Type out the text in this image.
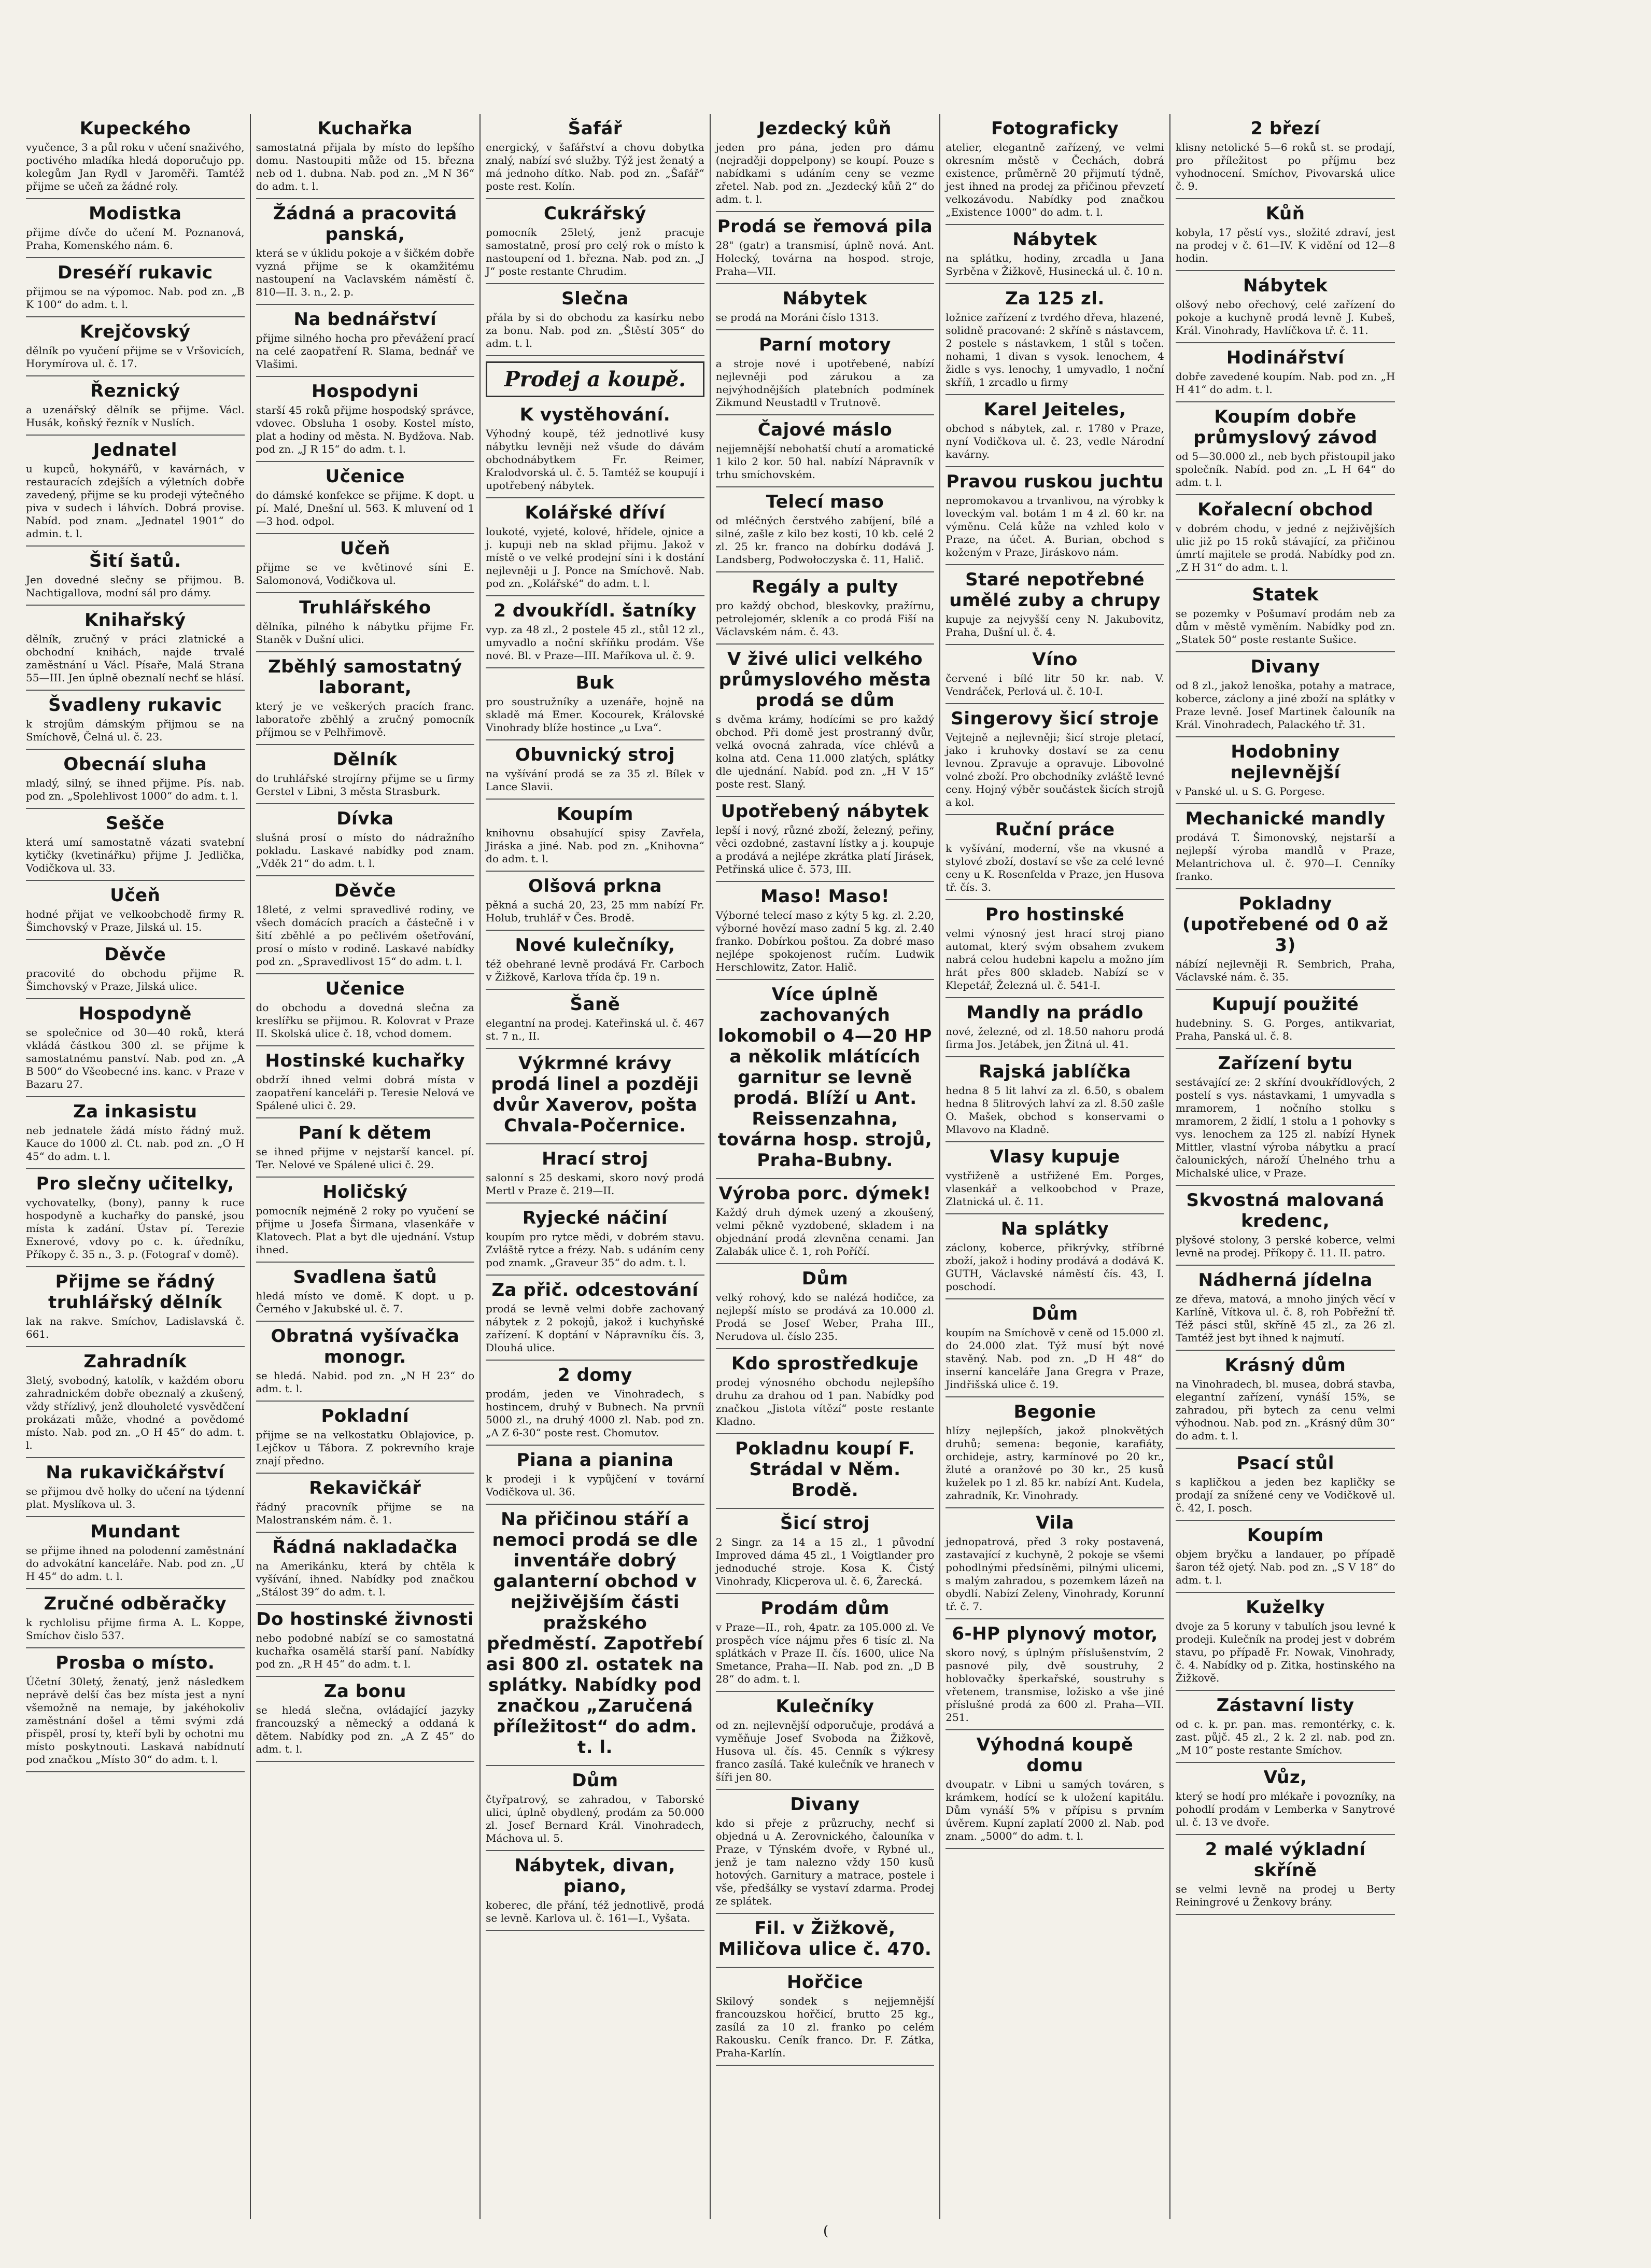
Kupeckého

vyučence, 3 a půl roku v učení snaživého, poctivého mladíka hledá doporučujo pp. kolegům Jan Rydl v Jaroměři. Tamtéž přijme se učeň za žádné roly.

Modistka

přijme dívče do učení M. Poznanová, Praha, Komenského nám. 6.

Dreséří rukavic

přijmou se na výpomoc. Nab. pod zn. „B K 100“ do adm. t. l.

Krejčovský

dělník po vyučení přijme se v Vršovicích, Horymírova ul. č. 17.

Řeznický

a uzenářský dělník se přijme. Václ. Husák, koňský řezník v Nuslích.

Jednatel

u kupců, hokynářů, v kavárnách, v restauracích zdejších a výletních dobře zavedený, přijme se ku prodeji výtečného piva v sudech i láhvích. Dobrá provise. Nabíd. pod znam. „Jednatel 1901“ do admin. t. l.

Šití šatů.

Jen dovedné slečny se přijmou. B. Nachtigallova, modní sál pro dámy.

Knihařský

dělník, zručný v práci zlatnické a obchodní knihách, najde trvalé zaměstnání u Václ. Písaře, Malá Strana 55—III. Jen úplně obeznalí nechť se hlásí.

Švadleny rukavic

k strojům dámským přijmou se na Smíchově, Čelná ul. č. 23.

Obecnáí sluha

mladý, silný, se ihned přijme. Pís. nab. pod zn. „Spolehlivost 1000“ do adm. t. l.

Sešče

která umí samostatně vázati svatební kytičky (kvetinářku) přijme J. Jedlička, Vodičkova ul. 33.

Učeň

hodné přijat ve velkoobchodě firmy R. Šimchovský v Praze, Jilská ul. 15.

Děvče

pracovité do obchodu přijme R. Šimchovský v Praze, Jilská ulice.

Hospodyně

se společnice od 30—40 roků, která vkládá částkou 300 zl. se přijme k samostatnému panství. Nab. pod zn. „A B 500“ do Všeobecné ins. kanc. v Praze v Bazaru 27.

Za inkasistu

neb jednatele žádá místo řádný muž. Kauce do 1000 zl. Ct. nab. pod zn. „O H 45“ do adm. t. l.

Pro slečny učitelky,

vychovatelky, (bony), panny k ruce hospodyně a kuchařky do panské, jsou místa k zadání. Ústav pí. Terezie Exnerové, vdovy po c. k. úředníku, Příkopy č. 35 n., 3. p. (Fotograf v domě).

Přijme se řádný truhlářský dělník

lak na rakve. Smíchov, Ladislavská č. 661.

Zahradník

3letý, svobodný, katolík, v každém oboru zahradnickém dobře obeznalý a zkušený, vždy střízlivý, jenž dlouholeté vysvědčení prokázati může, vhodné a povědomé místo. Nab. pod zn. „O H 45“ do adm. t. l.

Na rukavičkářství

se přijmou dvě holky do učení na týdenní plat. Myslíkova ul. 3.

Mundant

se přijme ihned na polodenní zaměstnání do advokátní kanceláře. Nab. pod zn. „U H 45“ do adm. t. l.

Zručné odběračky

k rychlolisu přijme firma A. L. Koppe, Smíchov čislo 537.

Prosba o místo.

Účetní 30letý, ženatý, jenž následkem neprávě delší čas bez místa jest a nyní všemožně na nemaje, by jakéhokoliv zaměstnání došel a těmi svými zdá přispěl, prosí ty, kteří byli by ochotni mu místo poskytnouti. Laskavá nabídnutí pod značkou „Místo 30“ do adm. t. l.

Kuchařka

samostatná přijala by místo do lepšího domu. Nastoupiti může od 15. března neb od 1. dubna. Nab. pod zn. „M N 36“ do adm. t. l.

Žádná a pracovitá panská,

která se v úklidu pokoje a v šičkém dobře vyzná přijme se k okamžitému nastoupení na Vaclavském náměstí č. 810—II. 3. n., 2. p.

Na bednářství

přijme silného hocha pro převážení prací na celé zaopatření R. Slama, bednář ve Vlašimi.

Hospodyni

starší 45 roků přijme hospodský správce, vdovec. Obsluha 1 osoby. Kostel místo, plat a hodiny od města. N. Bydžova. Nab. pod zn. „J R 15“ do adm. t. l.

Učenice

do dámské konfekce se přijme. K dopt. u pí. Malé, Dnešní ul. 563. K mluvení od 1—3 hod. odpol.

Učeň

přijme se ve květinové síni E. Salomonová, Vodičkova ul.

Truhlářského

dělníka, pilného k nábytku přijme Fr. Staněk v Dušní ulici.

Zběhlý samostatný laborant,

který je ve veškerých pracích franc. laboratoře zběhlý a zručný pomocník příjmou se v Pelhřimově.

Dělník

do truhlářské strojírny přijme se u firmy Gerstel v Libni, 3 města Strasburk.

Dívka

slušná prosí o místo do nádražního pokladu. Laskavé nabídky pod znam. „Vděk 21“ do adm. t. l.

Děvče

18leté, z velmi spravedlivé rodiny, ve všech domácích pracích a částečně i v šití zběhlé a po pečlivém ošetřování, prosí o místo v rodině. Laskavé nabídky pod zn. „Spravedlivost 15“ do adm. t. l.

Učenice

do obchodu a dovedná slečna za kreslířku se přijmou. R. Kolovrat v Praze II. Skolská ulice č. 18, vchod domem.

Hostinské kuchařky

obdrží ihned velmi dobrá místa v zaopatření kanceláři p. Teresie Nelová ve Spálené ulici č. 29.

Paní k dětem

se ihned přijme v nejstarší kancel. pí. Ter. Nelové ve Spálené ulici č. 29.

Holičský

pomocník nejméně 2 roky po vyučení se přijme u Josefa Širmana, vlasenkáře v Klatovech. Plat a byt dle ujednání. Vstup ihned.

Svadlena šatů

hledá místo ve domě. K dopt. u p. Černého v Jakubské ul. č. 7.

Obratná vyšívačka monogr.

se hledá. Nabid. pod zn. „N H 23“ do adm. t. l.

Pokladní

přijme se na velkostatku Oblajovice, p. Lejčkov u Tábora. Z pokrevního kraje znají předno.

Rekavičkář

řádný pracovník přijme se na Malostranském nám. č. 1.

Řádná nakladačka

na Amerikánku, která by chtěla k vyšívání, ihned. Nabídky pod značkou „Stálost 39“ do adm. t. l.

Do hostinské živnosti

nebo podobné nabízí se co samostatná kuchařka osamělá starší paní. Nabídky pod zn. „R H 45“ do adm. t. l.

Za bonu

se hledá slečna, ovládající jazyky francouzský a německý a oddaná k dětem. Nabídky pod zn. „A Z 45“ do adm. t. l.

Šafář

energický, v šafářství a chovu dobytka znalý, nabízí své služby. Týž jest ženatý a má jednoho dítko. Nab. pod zn. „Šafář“ poste rest. Kolín.

Cukrářský

pomocník 25letý, jenž pracuje samostatně, prosí pro celý rok o místo k nastoupení od 1. března. Nab. pod zn. „J J“ poste restante Chrudim.

Slečna

přála by si do obchodu za kasírku nebo za bonu. Nab. pod zn. „Štěstí 305“ do adm. t. l.

Prodej a koupě.
K vystěhování.

Výhodný koupě, též jednotlivé kusy nábytku levněji než všude do dávám obchodnábytkem Fr. Reimer, Kralodvorská ul. č. 5. Tamtéž se koupují i upotřebený nábytek.

Kolářské dříví

loukoté, vyjeté, kolové, hřídele, ojnice a j. kupuji neb na sklad přijmu. Jakož v místě o ve velké prodejní síni i k dostání nejlevněji u J. Ponce na Smíchově. Nab. pod zn. „Kolářské“ do adm. t. l.

2 dvoukřídl. šatníky

vyp. za 48 zl., 2 postele 45 zl., stůl 12 zl., umyvadlo a noční skříňku prodám. Vše nové. Bl. v Praze—III. Maříkova ul. č. 9.

Buk

pro soustružníky a uzenáře, hojně na skladě má Emer. Kocourek, Královské Vinohrady blíže hostince „u Lva“.

Obuvnický stroj

na vyšívání prodá se za 35 zl. Bílek v Lance Slavii.

Koupím

knihovnu obsahující spisy Zavřela, Jiráska a jiné. Nab. pod zn. „Knihovna“ do adm. t. l.

Olšová prkna

pěkná a suchá 20, 23, 25 mm nabízí Fr. Holub, truhlář v Čes. Brodě.

Nové kulečníky,

též obehrané levně prodává Fr. Carboch v Žižkově, Karlova třída čp. 19 n.

Šaně

elegantní na prodej. Kateřinská ul. č. 467 st. 7 n., II.

Výkrmné krávy prodá linel a později dvůr Xaverov, pošta Chvala-Počernice.
Hrací stroj

salonní s 25 deskami, skoro nový prodá Mertl v Praze č. 219—II.

Ryjecké náčiní

koupím pro rytce mědi, v dobrém stavu. Zvláště rytce a frézy. Nab. s udáním ceny pod znamk. „Graveur 35“ do adm. t. l.

Za přič. odcestování

prodá se levně velmi dobře zachovaný nábytek z 2 pokojů, jakož i kuchyňské zařízení. K doptání v Nápravníku čís. 3, Dlouhá ulice.

2 domy

prodám, jeden ve Vinohradech, s hostincem, druhý v Bubnech. Na prvníi 5000 zl., na druhý 4000 zl. Nab. pod zn. „A Z 6-30“ poste rest. Chomutov.

Piana a pianina

k prodeji i k vypůjčení v tovární Vodičkova ul. 36.

Na přičinou stáří a nemoci prodá se dle inventáře dobrý galanterní obchod v nejživějším části pražského předměstí. Zapotřebí asi 800 zl. ostatek na splátky. Nabídky pod značkou „Zaručená příležitost“ do adm. t. l.
Dům

čtyřpatrový, se zahradou, v Taborské ulici, úplně obydlený, prodám za 50.000 zl. Josef Bernard Král. Vinohradech, Máchova ul. 5.

Nábytek, divan, piano,

koberec, dle přání, též jednotlivě, prodá se levně. Karlova ul. č. 161—I., Vyšata.

Jezdecký kůň

jeden pro pána, jeden pro dámu (nejraději doppelpony) se koupí. Pouze s nabídkami s udáním ceny se vezme zřetel. Nab. pod zn. „Jezdecký kůň 2“ do adm. t. l.

Prodá se řemová pila

28" (gatr) a transmisí, úplně nová. Ant. Holecký, továrna na hospod. stroje, Praha—VII.

Nábytek

se prodá na Moráni číslo 1313.

Parní motory

a stroje nové i upotřebené, nabízí nejlevněji pod zárukou a za nejvýhodnějších platebních podmínek Zikmund Neustadtl v Trutnově.

Čajové máslo

nejjemnější nebohatší chutí a aromatické 1 kilo 2 kor. 50 hal. nabízí Nápravník v trhu smíchovském.

Telecí maso

od mléčných čerstvého zabíjení, bílé a silné, zašle z kilo bez kosti, 10 kb. celé 2 zl. 25 kr. franco na dobírku dodává J. Landsberg, Podwołoczyska č. 11, Halič.

Regály a pulty

pro každý obchod, bleskovky, pražírnu, petrolejomér, skleník a co prodá Fiší na Václavském nám. č. 43.

V živé ulici velkého průmyslového města prodá se dům

s dvěma krámy, hodícími se pro každý obchod. Při domě jest prostranný dvůr, velká ovocná zahrada, více chlévů a kolna atd. Cena 11.000 zlatých, splátky dle ujednání. Nabíd. pod zn. „H V 15“ poste rest. Slaný.

Upotřebený nábytek

lepší i nový, různé zboží, železný, peřiny, věci ozdobné, zastavní lístky a j. koupuje a prodává a nejlépe zkrátka platí Jirásek, Petřinská ulice č. 573, III.

Maso! Maso!

Výborné telecí maso z kýty 5 kg. zl. 2.20, výborné hovězí maso zadní 5 kg. zl. 2.40 franko. Dobírkou poštou. Za dobré maso nejlépe spokojenost ručím. Ludwik Herschlowitz, Zator. Halič.

Více úplně zachovaných lokomobil o 4—20 HP a několik mlátících garnitur se levně prodá. Blíží u Ant. Reissenzahna, továrna hosp. strojů, Praha-Bubny.
Výroba porc. dýmek!

Každý druh dýmek uzený a zkoušený, velmi pěkně vyzdobené, skladem i na objednání prodá zlevněna cenami. Jan Zalabák ulice č. 1, roh Poříčí.

Dům

velký rohový, kdo se nalézá hodičce, za nejlepší místo se prodává za 10.000 zl. Prodá se Josef Weber, Praha III., Nerudova ul. číslo 235.

Kdo sprostředkuje

prodej výnosného obchodu nejlepšího druhu za drahou od 1 pan. Nabídky pod značkou „Jistota vítězí“ poste restante Kladno.

Pokladnu koupí F. Strádal v Něm. Brodě.
Šicí stroj

2 Singr. za 14 a 15 zl., 1 původní Improved dáma 45 zl., 1 Voigtlander pro jednoduché stroje. Kosa K. Čistý Vinohrady, Klicperova ul. č. 6, Žarecká.

Prodám dům

v Praze—II., roh, 4patr. za 105.000 zl. Ve prospěch více nájmu přes 6 tisíc zl. Na splátkách v Praze II. čís. 1600, ulice Na Smetance, Praha—II. Nab. pod zn. „D B 28“ do adm. t. l.

Kulečníky

od zn. nejlevnější odporučuje, prodává a vyměňuje Josef Svoboda na Žižkově, Husova ul. čís. 45. Cenník s výkresy franco zasílá. Také kulečník ve hranech v šíři jen 80.

Divany

kdo si přeje z průzruchy, nechť si objedná u A. Zerovnického, čalouníka v Praze, v Týnském dvoře, v Rybné ul., jenž je tam nalezno vždy 150 kusů hotových. Garnitury a matrace, postele i vše, předšálky se vystaví zdarma. Prodej ze splátek.

Fil. v Žižkově, Miličova ulice č. 470.
Hořčice

Skilový sondek s nejjemnější francouzskou hořčicí, brutto 25 kg., zasílá za 10 zl. franko po celém Rakousku. Ceník franco. Dr. F. Zátka, Praha-Karlín.

Fotograficky

atelier, elegantně zařízený, ve velmi okresním městě v Čechách, dobrá existence, průměrně 20 přijmutí týdně, jest ihned na prodej za přičinou převzetí velkozávodu. Nabídky pod značkou „Existence 1000“ do adm. t. l.

Nábytek

na splátku, hodiny, zrcadla u Jana Syrběna v Žižkově, Husinecká ul. č. 10 n.

Za 125 zl.

ložnice zařízení z tvrdého dřeva, hlazené, solidně pracované: 2 skříně s nástavcem, 2 postele s nástavkem, 1 stůl s točen. nohami, 1 divan s vysok. lenochem, 4 židle s vys. lenochy, 1 umyvadlo, 1 noční skříň, 1 zrcadlo u firmy

Karel Jeiteles,

obchod s nábytek, zal. r. 1780 v Praze, nyní Vodičkova ul. č. 23, vedle Národní kavárny.

Pravou ruskou juchtu

nepromokavou a trvanlivou, na výrobky k loveckým val. botám 1 m 4 zl. 60 kr. na výměnu. Celá kůže na vzhled kolo v Praze, na účet. A. Burian, obchod s koženým v Praze, Jiráskovo nám.

Staré nepotřebné umělé zuby a chrupy

kupuje za nejvyšší ceny N. Jakubovitz, Praha, Dušní ul. č. 4.

Víno

červené i bílé litr 50 kr. nab. V. Vendráček, Perlová ul. č. 10-I.

Singerovy šicí stroje

Vejtejně a nejlevněji; šicí stroje pletací, jako i kruhovky dostaví se za cenu levnou. Zpravuje a opravuje. Libovolné volné zboží. Pro obchodníky zvláště levné ceny. Hojný výběr součástek šicích strojů a kol.

Ruční práce

k vyšívání, moderní, vše na vkusné a stylové zboží, dostaví se vše za celé levné ceny u K. Rosenfelda v Praze, jen Husova tř. čís. 3.

Pro hostinské

velmi výnosný jest hrací stroj piano automat, který svým obsahem zvukem nabrá celou hudebni kapelu a možno jím hrát přes 800 skladeb. Nabízí se v Klepetář, Železná ul. č. 541-I.

Mandly na prádlo

nové, železné, od zl. 18.50 nahoru prodá firma Jos. Jetábek, jen Žitná ul. 41.

Rajská jablíčka

hedna 8 5 lit lahví za zl. 6.50, s obalem hedna 8 5litrových lahví za zl. 8.50 zašle O. Mašek, obchod s konservami o Mlavovo na Kladně.

Vlasy kupuje

vystřiženě a ustřižené Em. Porges, vlasenkář a velkoobchod v Praze, Zlatnická ul. č. 11.

Na splátky

záclony, koberce, přikrývky, stříbrné zboží, jakož i hodiny prodává a dodává K. GUTH, Václavské náměstí čís. 43, I. poschodí.

Dům

koupím na Smíchově v ceně od 15.000 zl. do 24.000 zlat. Týž musí být nové stavěný. Nab. pod zn. „D H 48“ do inserní kanceláře Jana Gregra v Praze, Jindřišská ulice č. 19.

Begonie

hlízy nejlepších, jakož plnokvětých druhů; semena: begonie, karafiáty, orchideje, astry, karmínové po 20 kr., žluté a oranžové po 30 kr., 25 kusů kuželek po 1 zl. 85 kr. nabízí Ant. Kudela, zahradník, Kr. Vinohrady.

Vila

jednopatrová, před 3 roky postavená, zastavající z kuchyně, 2 pokoje se všemi pohodlnými předsíněmi, pilnými ulicemi, s malým zahradou, s pozemkem lázeň na obydlí. Nabízí Zeleny, Vinohrady, Korunní tř. č. 7.

6-HP plynový motor,

skoro nový, s úplným příslušenstvím, 2 pasnové pily, dvě soustruhy, 2 hoblovačky šperkařské, soustruhy s vřetenem, transmise, ložisko a vše jiné příslušné prodá za 600 zl. Praha—VII. 251.

Výhodná koupě domu

dvoupatr. v Libni u samých továren, s krámkem, hodící se k uložení kapitálu. Dům vynáší 5% v přípisu s prvním úvěrem. Kupní zaplatí 2000 zl. Nab. pod znam. „5000“ do adm. t. l.

2 březí

klisny netolické 5—6 roků st. se prodají, pro příležitost po příjmu bez vyhodnocení. Smíchov, Pivovarská ulice č. 9.

Kůň

kobyla, 17 pěstí vys., složité zdraví, jest na prodej v č. 61—IV. K vidění od 12—8 hodin.

Nábytek

olšový nebo ořechový, celé zařízení do pokoje a kuchyně prodá levně J. Kubeš, Král. Vinohrady, Havlíčkova tř. č. 11.

Hodinářství

dobře zavedené koupím. Nab. pod zn. „H H 41“ do adm. t. l.

Koupím dobře průmyslový závod

od 5—30.000 zl., neb bych přistoupil jako společník. Nabíd. pod zn. „L H 64“ do adm. t. l.

Kořalecní obchod

v dobrém chodu, v jedné z nejživějších ulic již po 15 roků stávající, za přičinou úmrtí majitele se prodá. Nabídky pod zn. „Z H 31“ do adm. t. l.

Statek

se pozemky v Pošumaví prodám neb za dům v městě vyměním. Nabídky pod zn. „Statek 50“ poste restante Sušice.

Divany

od 8 zl., jakož lenoška, potahy a matrace, koberce, záclony a jiné zboží na splátky v Praze levně. Josef Martinek čalouník na Král. Vinohradech, Palackého tř. 31.

Hodobniny nejlevnější

v Panské ul. u S. G. Porgese.

Mechanické mandly

prodává T. Šimonovský, nejstarší a nejlepší výroba mandlů v Praze, Melantrichova ul. č. 970—I. Cenníky franko.

Pokladny (upotřebené od 0 až 3)

nábízí nejlevněji R. Sembrich, Praha, Václavské nám. č. 35.

Kupují použité

hudebniny. S. G. Porges, antikvariat, Praha, Panská ul. č. 8.

Zařízení bytu

sestávající ze: 2 skříní dvoukřídlových, 2 postelí s vys. nástavkami, 1 umyvadla s mramorem, 1 nočního stolku s mramorem, 2 židlí, 1 stolu a 1 pohovky s vys. lenochem za 125 zl. nabízí Hynek Mittler, vlastní výroba nábytku a prací čalounických, nároží Úhelného trhu a Michalské ulice, v Praze.

Skvostná malovaná kredenc,

plyšové stolony, 3 perské koberce, velmi levně na prodej. Příkopy č. 11. II. patro.

Nádherná jídelna

ze dřeva, matová, a mnoho jiných věcí v Karlíně, Vítkova ul. č. 8, roh Pobřežní tř. Též pásci stůl, skříně 45 zl., za 26 zl. Tamtéž jest byt ihned k najmutí.

Krásný dům

na Vinohradech, bl. musea, dobrá stavba, elegantní zařízení, vynáší 15%, se zahradou, při bytech za cenu velmi výhodnou. Nab. pod zn. „Krásný dům 30“ do adm. t. l.

Psací stůl

s kapličkou a jeden bez kapličky se prodají za snížené ceny ve Vodičkově ul. č. 42, I. posch.

Koupím

objem bryčku a landauer, po případě šaron též ojetý. Nab. pod zn. „S V 18“ do adm. t. l.

Kuželky

dvoje za 5 koruny v tabulích jsou levné k prodeji. Kulečník na prodej jest v dobrém stavu, po případě Fr. Nowak, Vinohrady, č. 4. Nabídky od p. Zitka, hostinského na Žižkově.

Zástavní listy

od c. k. pr. pan. mas. remontérky, c. k. zast. půjč. 45 zl., 2 k. 2 zl. nab. pod zn. „M 10“ poste restante Smíchov.

Vůz,

který se hodí pro mlékaře i povozníky, na pohodlí prodám v Lemberka v Sanytrové ul. č. 13 ve dvoře.

2 malé výkladní skříně

se velmi levně na prodej u Berty Reiningrové u Ženkovy brány.

(
